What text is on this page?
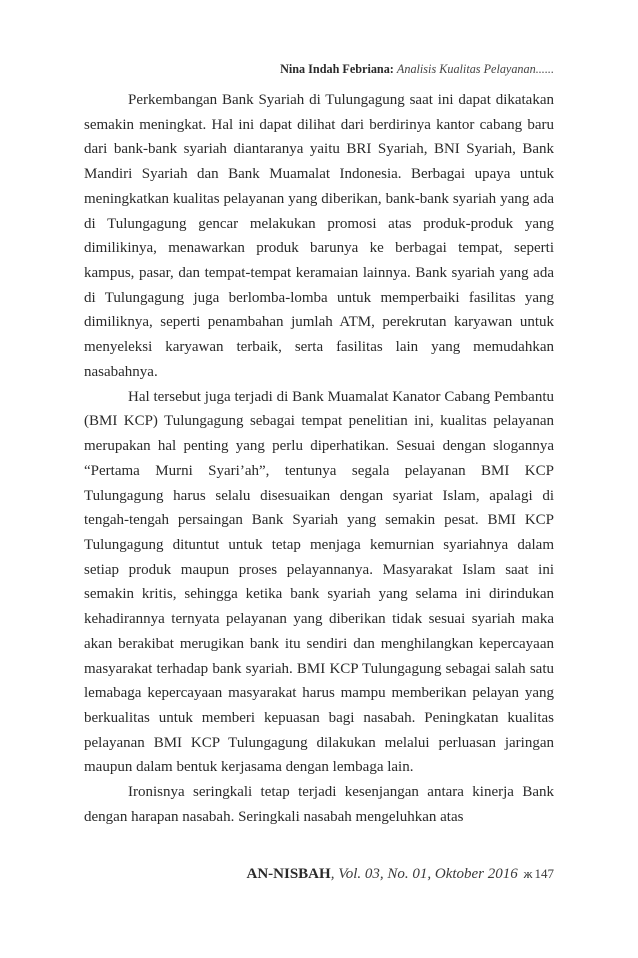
Nina Indah Febriana: Analisis Kualitas Pelayanan......

Perkembangan Bank Syariah di Tulungagung saat ini dapat dikatakan semakin meningkat. Hal ini dapat dilihat dari berdirinya kantor cabang baru dari bank-bank syariah diantaranya yaitu BRI Syariah, BNI Syariah, Bank Mandiri Syariah dan Bank Muamalat Indonesia. Berbagai upaya untuk meningkatkan kualitas pelayanan yang diberikan, bank-bank syariah yang ada di Tulungagung gencar melakukan promosi atas produk-produk yang dimilikinya, menawarkan produk barunya ke berbagai tempat, seperti kampus, pasar, dan tempat-tempat keramaian lainnya. Bank syariah yang ada di Tulungagung juga berlomba-lomba untuk memperbaiki fasilitas yang dimiliknya, seperti penambahan jumlah ATM, perekrutan karyawan untuk menyeleksi karyawan terbaik, serta fasilitas lain yang memudahkan nasabahnya.

Hal tersebut juga terjadi di Bank Muamalat Kanator Cabang Pembantu (BMI KCP) Tulungagung sebagai tempat penelitian ini, kualitas pelayanan merupakan hal penting yang perlu diperhatikan. Sesuai dengan slogannya “Pertama Murni Syari’ah”, tentunya segala pelayanan BMI KCP Tulungagung harus selalu disesuaikan dengan syariat Islam, apalagi di tengah-tengah persaingan Bank Syariah yang semakin pesat. BMI KCP Tulungagung dituntut untuk tetap menjaga kemurnian syariahnya dalam setiap produk maupun proses pelayannanya. Masyarakat Islam saat ini semakin kritis, sehingga ketika bank syariah yang selama ini dirindukan kehadirannya ternyata pelayanan yang diberikan tidak sesuai syariah maka akan berakibat merugikan bank itu sendiri dan menghilangkan kepercayaan masyarakat terhadap bank syariah. BMI KCP Tulungagung sebagai salah satu lemabaga kepercayaan masyarakat harus mampu memberikan pelayan yang berkualitas untuk memberi kepuasan bagi nasabah. Peningkatan kualitas pelayanan BMI KCP Tulungagung dilakukan melalui perluasan jaringan maupun dalam bentuk kerjasama dengan lembaga lain.

Ironisnya seringkali tetap terjadi kesenjangan antara kinerja Bank dengan harapan nasabah. Seringkali nasabah mengeluhkan atas

AN-NISBAH, Vol. 03, No. 01, Oktober 2016 ж 147
